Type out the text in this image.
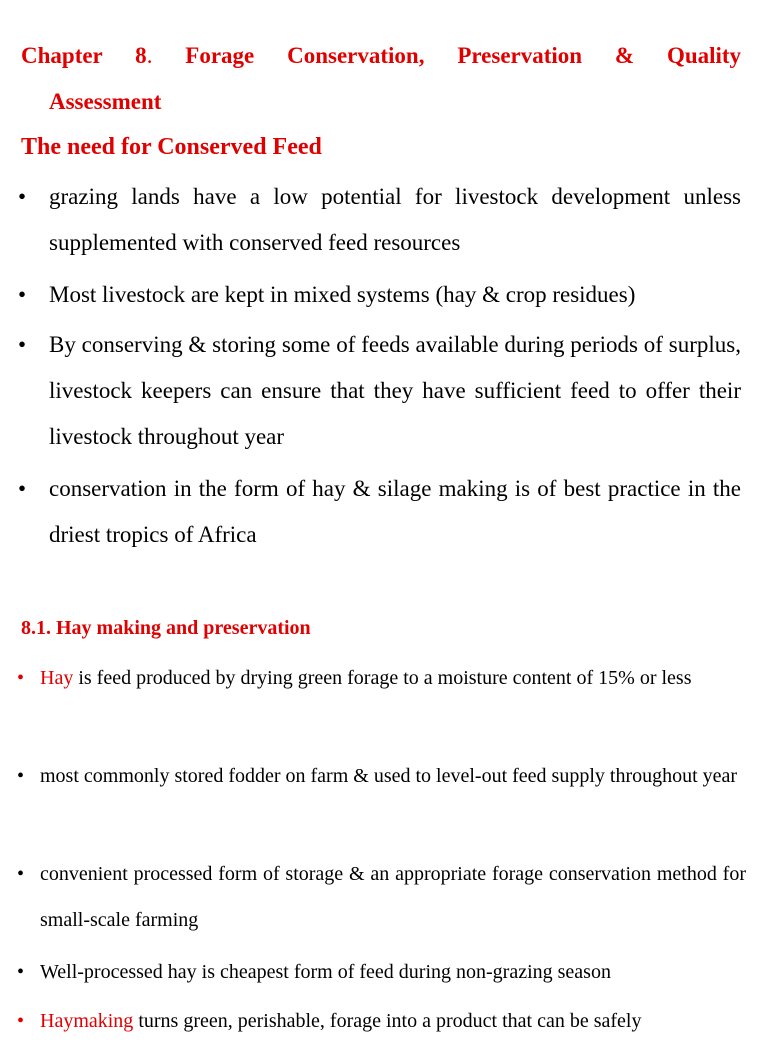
Chapter 8. Forage Conservation, Preservation & Quality
Assessment
The need for Conserved Feed
• grazing lands have a low potential for livestock development unless supplemented with conserved feed resources
• Most livestock are kept in mixed systems (hay & crop residues)
• By conserving & storing some of feeds available during periods of surplus, livestock keepers can ensure that they have sufficient feed to offer their livestock throughout year
• conservation in the form of hay & silage making is of best practice in the driest tropics of Africa
8.1. Hay making and preservation
• Hay is feed produced by drying green forage to a moisture content of 15% or less
• most commonly stored fodder on farm & used to level-out feed supply throughout year
• convenient processed form of storage & an appropriate forage conservation method for small-scale farming
• Well-processed hay is cheapest form of feed during non-grazing season
• Haymaking turns green, perishable, forage into a product that can be safely
